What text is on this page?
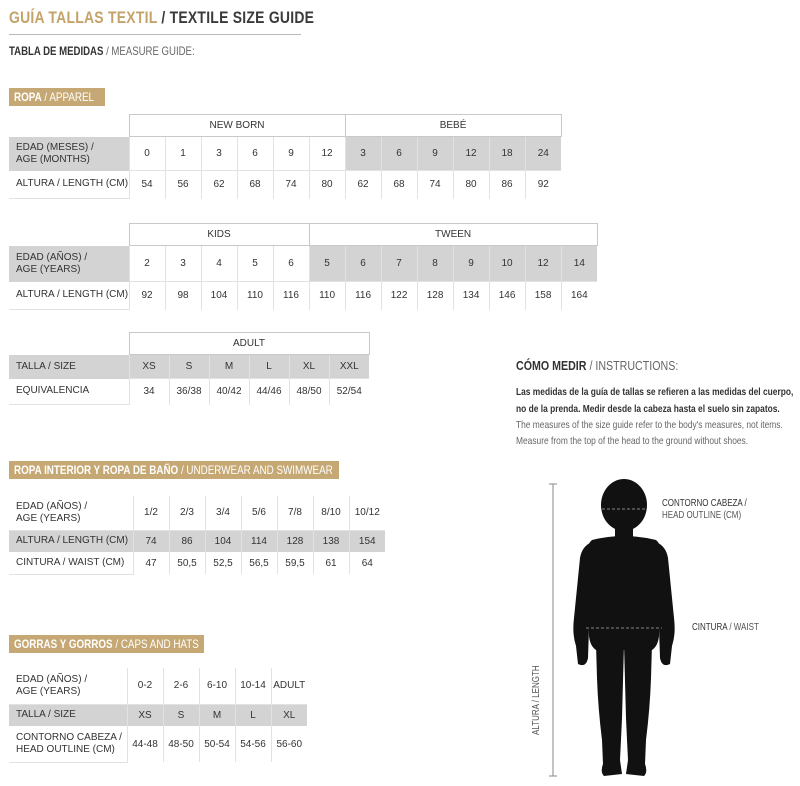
GUÍA TALLAS TEXTIL / TEXTILE SIZE GUIDE
TABLA DE MEDIDAS / MEASURE GUIDE:
ROPA / APPAREL
	NEW BORN						BEBÉ					
EDAD (MESES) /
AGE (MONTHS)	0	1	3	6	9	12	3	6	9	12	18	24
ALTURA / LENGTH (CM)	54	56	62	68	74	80	62	68	74	80	86	92
	KIDS					TWEEN							
EDAD (AÑOS) /
AGE (YEARS)	2	3	4	5	6	5	6	7	8	9	10	12	14
ALTURA / LENGTH (CM)	92	98	104	110	116	110	116	122	128	134	146	158	164
	ADULT					
TALLA / SIZE	XS	S	M	L	XL	XXL
EQUIVALENCIA	34	36/38	40/42	44/46	48/50	52/54
ROPA INTERIOR Y ROPA DE BAÑO / UNDERWEAR AND SWIMWEAR
EDAD (AÑOS) /
AGE (YEARS)	1/2	2/3	3/4	5/6	7/8	8/10	10/12
ALTURA / LENGTH (CM)	74	86	104	114	128	138	154
CINTURA / WAIST (CM)	47	50,5	52,5	56,5	59,5	61	64
GORRAS Y GORROS / CAPS AND HATS
EDAD (AÑOS) /
AGE (YEARS)	0-2	2-6	6-10	10-14	ADULT
TALLA / SIZE	XS	S	M	L	XL
CONTORNO CABEZA /
HEAD OUTLINE (CM)	44-48	48-50	50-54	54-56	56-60
CÓMO MEDIR / INSTRUCTIONS:
Las medidas de la guía de tallas se refieren a las medidas del cuerpo,
no de la prenda. Medir desde la cabeza hasta el suelo sin zapatos.
The measures of the size guide refer to the body's measures, not items.
Measure from the top of the head to the ground without shoes.
ALTURA / LENGTH
CONTORNO CABEZA /
HEAD OUTLINE (CM)
CINTURA / WAIST
